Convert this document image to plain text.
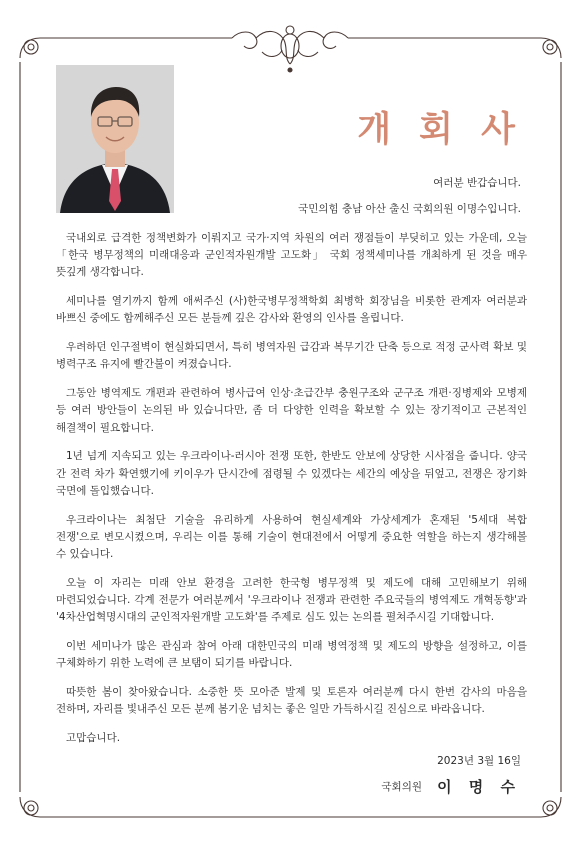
개 회 사
여러분 반갑습니다.
국민의힘 충남 아산 출신 국회의원 이명수입니다.

국내외로 급격한 정책변화가 이뤄지고 국가·지역 차원의 여러 쟁점들이 부딪히고 있는 가운데, 오늘 「한국 병무정책의 미래대응과 군인적자원개발 고도화」 국회 정책세미나를 개최하게 된 것을 매우 뜻깊게 생각합니다.

세미나를 열기까지 함께 애써주신 (사)한국병무정책학회 최병학 회장님을 비롯한 관계자 여러분과 바쁘신 중에도 함께해주신 모든 분들께 깊은 감사와 환영의 인사를 올립니다.

우려하던 인구절벽이 현실화되면서, 특히 병역자원 급감과 복무기간 단축 등으로 적정 군사력 확보 및 병력구조 유지에 빨간불이 켜졌습니다.

그동안 병역제도 개편과 관련하여 병사급여 인상·초급간부 충원구조와 군구조 개편·징병제와 모병제 등 여러 방안들이 논의된 바 있습니다만, 좀 더 다양한 인력을 확보할 수 있는 장기적이고 근본적인 해결책이 필요합니다.

1년 넘게 지속되고 있는 우크라이나-러시아 전쟁 또한, 한반도 안보에 상당한 시사점을 줍니다. 양국 간 전력 차가 확연했기에 키이우가 단시간에 점령될 수 있겠다는 세간의 예상을 뒤엎고, 전쟁은 장기화 국면에 돌입했습니다.

우크라이나는 최첨단 기술을 유리하게 사용하여 현실세계와 가상세계가 혼재된 '5세대 복합 전쟁'으로 변모시켰으며, 우리는 이를 통해 기술이 현대전에서 어떻게 중요한 역할을 하는지 생각해볼 수 있습니다.

오늘 이 자리는 미래 안보 환경을 고려한 한국형 병무정책 및 제도에 대해 고민해보기 위해 마련되었습니다. 각계 전문가 여러분께서 '우크라이나 전쟁과 관련한 주요국들의 병역제도 개혁동향'과 '4차산업혁명시대의 군인적자원개발 고도화'를 주제로 심도 있는 논의를 펼쳐주시길 기대합니다.

이번 세미나가 많은 관심과 참여 아래 대한민국의 미래 병역정책 및 제도의 방향을 설정하고, 이를 구체화하기 위한 노력에 큰 보탬이 되기를 바랍니다.

따뜻한 봄이 찾아왔습니다. 소중한 뜻 모아준 발제 및 토론자 여러분께 다시 한번 감사의 마음을 전하며, 자리를 빛내주신 모든 분께 봄기운 넘치는 좋은 일만 가득하시길 진심으로 바라옵니다.

고맙습니다.

2023년 3월 16일
국회의원 이 명 수
